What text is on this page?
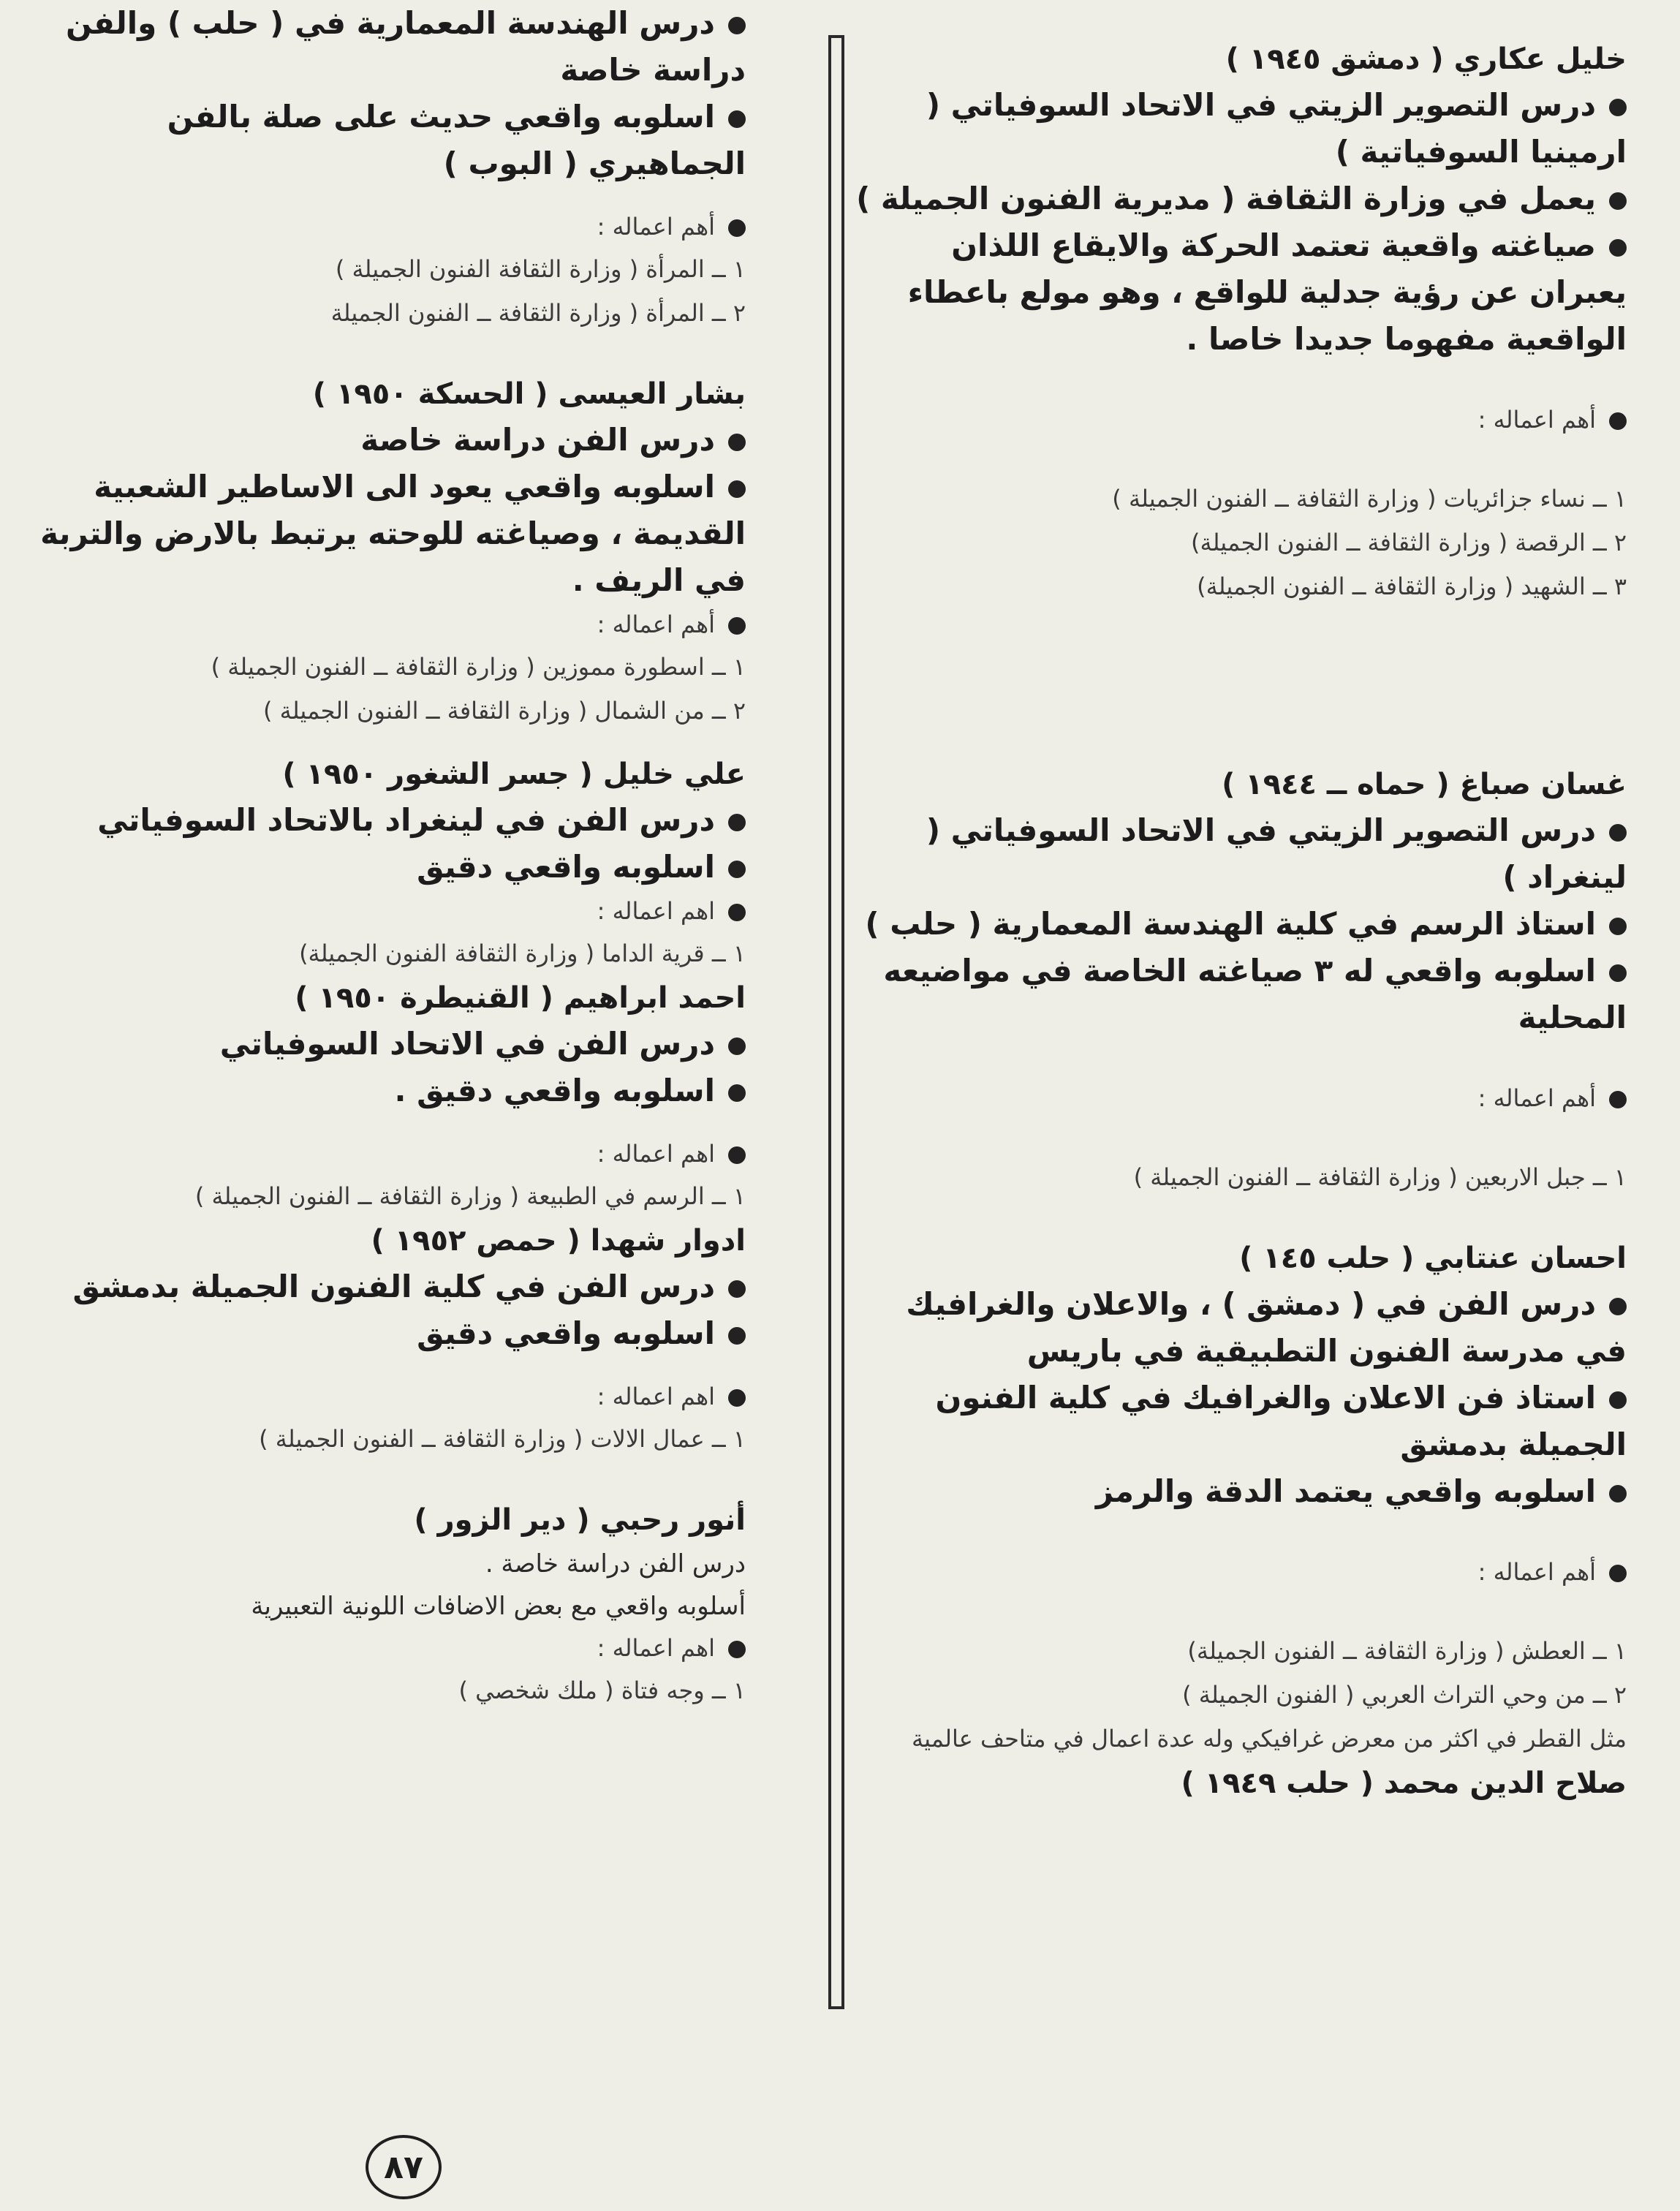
خليل عكاري ( دمشق ١٩٤٥ )

درس التصوير الزيتي في الاتحاد السوفياتي ( ارمينيا السوفياتية )

يعمل في وزارة الثقافة ( مديرية الفنون الجميلة )

صياغته واقعية تعتمد الحركة والايقاع اللذان يعبران عن رؤية جدلية للواقع ، وهو مولع باعطاء الواقعية مفهوما جديدا خاصا .

أهم اعماله :

١ ــ نساء جزائريات ( وزارة الثقافة ــ الفنون الجميلة )

٢ ــ الرقصة ( وزارة الثقافة ــ الفنون الجميلة)

٣ ــ الشهيد ( وزارة الثقافة ــ الفنون الجميلة)

غسان صباغ ( حماه ــ ١٩٤٤ )

درس التصوير الزيتي في الاتحاد السوفياتي ( لينغراد )

استاذ الرسم في كلية الهندسة المعمارية ( حلب )

اسلوبه واقعي له ٣ صياغته الخاصة في مواضيعه المحلية

أهم اعماله :

١ ــ جبل الاربعين ( وزارة الثقافة ــ الفنون الجميلة )

احسان عنتابي ( حلب ١٤٥ )

درس الفن في ( دمشق ) ، والاعلان والغرافيك في مدرسة الفنون التطبيقية في باريس

استاذ فن الاعلان والغرافيك في كلية الفنون الجميلة بدمشق

اسلوبه واقعي يعتمد الدقة والرمز

أهم اعماله :

١ ــ العطش ( وزارة الثقافة ــ الفنون الجميلة)

٢ ــ من وحي التراث العربي ( الفنون الجميلة )

مثل القطر في اكثر من معرض غرافيكي وله عدة اعمال في متاحف عالمية

صلاح الدين محمد ( حلب ١٩٤٩ )

درس الهندسة المعمارية في ( حلب ) والفن دراسة خاصة

اسلوبه واقعي حديث على صلة بالفن الجماهيري ( البوب )

أهم اعماله :

١ ــ المرأة ( وزارة الثقافة الفنون الجميلة )

٢ ــ المرأة ( وزارة الثقافة ــ الفنون الجميلة

بشار العيسى ( الحسكة ١٩٥٠ )

درس الفن دراسة خاصة

اسلوبه واقعي يعود الى الاساطير الشعبية القديمة ، وصياغته للوحته يرتبط بالارض والتربة في الريف .

أهم اعماله :

١ ــ اسطورة مموزين ( وزارة الثقافة ــ الفنون الجميلة )

٢ ــ من الشمال ( وزارة الثقافة ــ الفنون الجميلة )

علي خليل ( جسر الشغور ١٩٥٠ )

درس الفن في لينغراد بالاتحاد السوفياتي

اسلوبه واقعي دقيق

اهم اعماله :

١ ــ قرية الداما ( وزارة الثقافة الفنون الجميلة)

احمد ابراهيم ( القنيطرة ١٩٥٠ )

درس الفن في الاتحاد السوفياتي

اسلوبه واقعي دقيق .

اهم اعماله :

١ ــ الرسم في الطبيعة ( وزارة الثقافة ــ الفنون الجميلة )

ادوار شهدا ( حمص ١٩٥٢ )

درس الفن في كلية الفنون الجميلة بدمشق

اسلوبه واقعي دقيق

اهم اعماله :

١ ــ عمال الالات ( وزارة الثقافة ــ الفنون الجميلة )

أنور رحبي ( دير الزور )

درس الفن دراسة خاصة .

أسلوبه واقعي مع بعض الاضافات اللونية التعبيرية

اهم اعماله :

١ ــ وجه فتاة ( ملك شخصي )

٨٧
